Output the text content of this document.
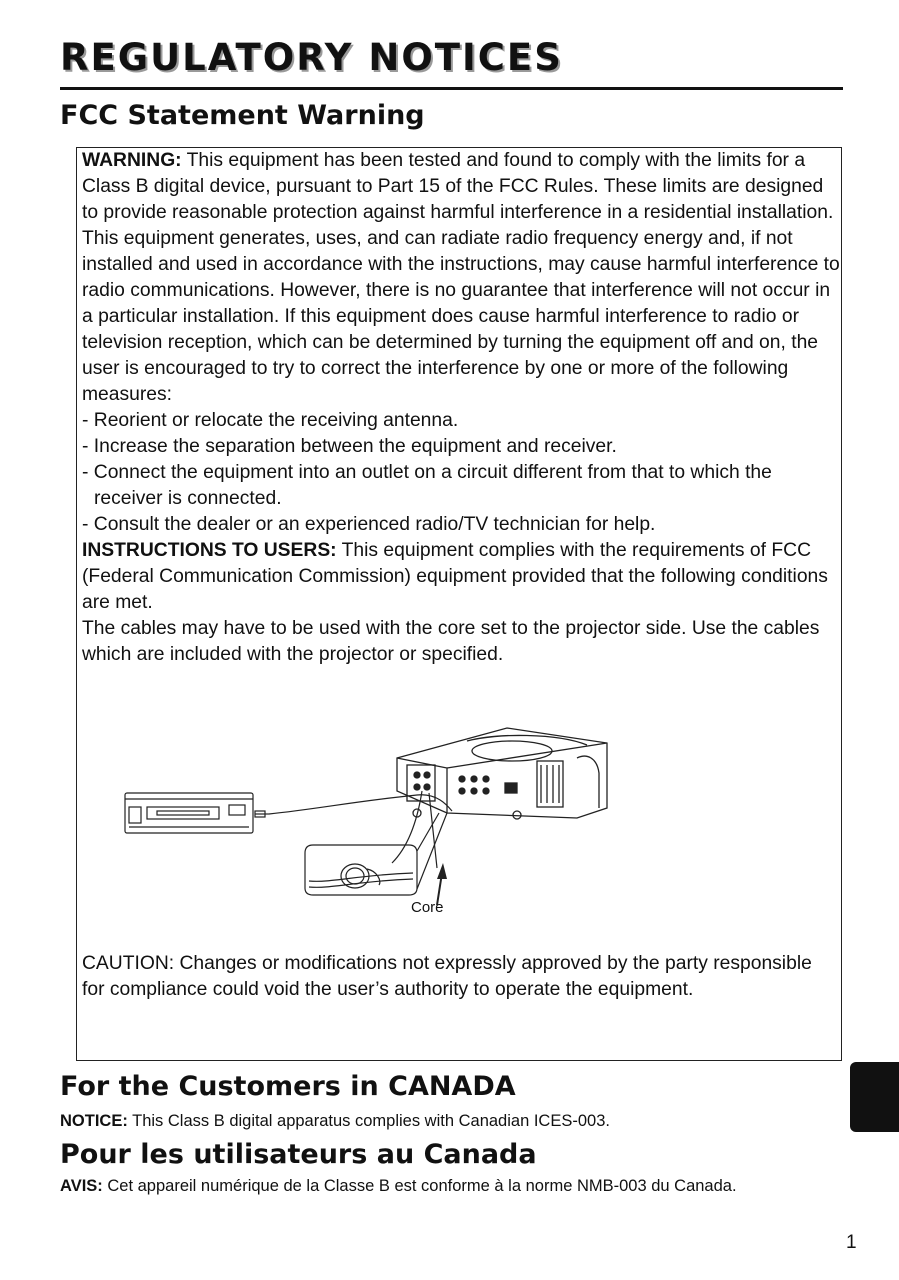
REGULATORY NOTICES
FCC Statement Warning

WARNING: This equipment has been tested and found to comply with the limits for a Class B digital device, pursuant to Part 15 of the FCC Rules. These limits are designed to provide reasonable protection against harmful interference in a residential installation. This equipment generates, uses, and can radiate radio frequency energy and, if not installed and used in accordance with the instructions, may cause harmful interference to radio communications. However, there is no guarantee that interference will not occur in a particular installation. If this equipment does cause harmful interference to radio or television reception, which can be determined by turning the equipment off and on, the user is encouraged to try to correct the interference by one or more of the following measures:

- Reorient or relocate the receiving antenna.

- Increase the separation between the equipment and receiver.

- Connect the equipment into an outlet on a circuit different from that to which the receiver is connected.

- Consult the dealer or an experienced radio/TV technician for help.

INSTRUCTIONS TO USERS: This equipment complies with the requirements of FCC (Federal Communication Commission) equipment provided that the following conditions are met.

The cables may have to be used with the core set to the projector side. Use the cables which are included with the projector or specified.

Core

CAUTION: Changes or modifications not expressly approved by the party responsible for compliance could void the user’s authority to operate the equipment.

For the Customers in CANADA

NOTICE: This Class B digital apparatus complies with Canadian ICES-003.

Pour les utilisateurs au Canada

AVIS: Cet appareil numérique de la Classe B est conforme à la norme NMB-003 du Canada.

1
